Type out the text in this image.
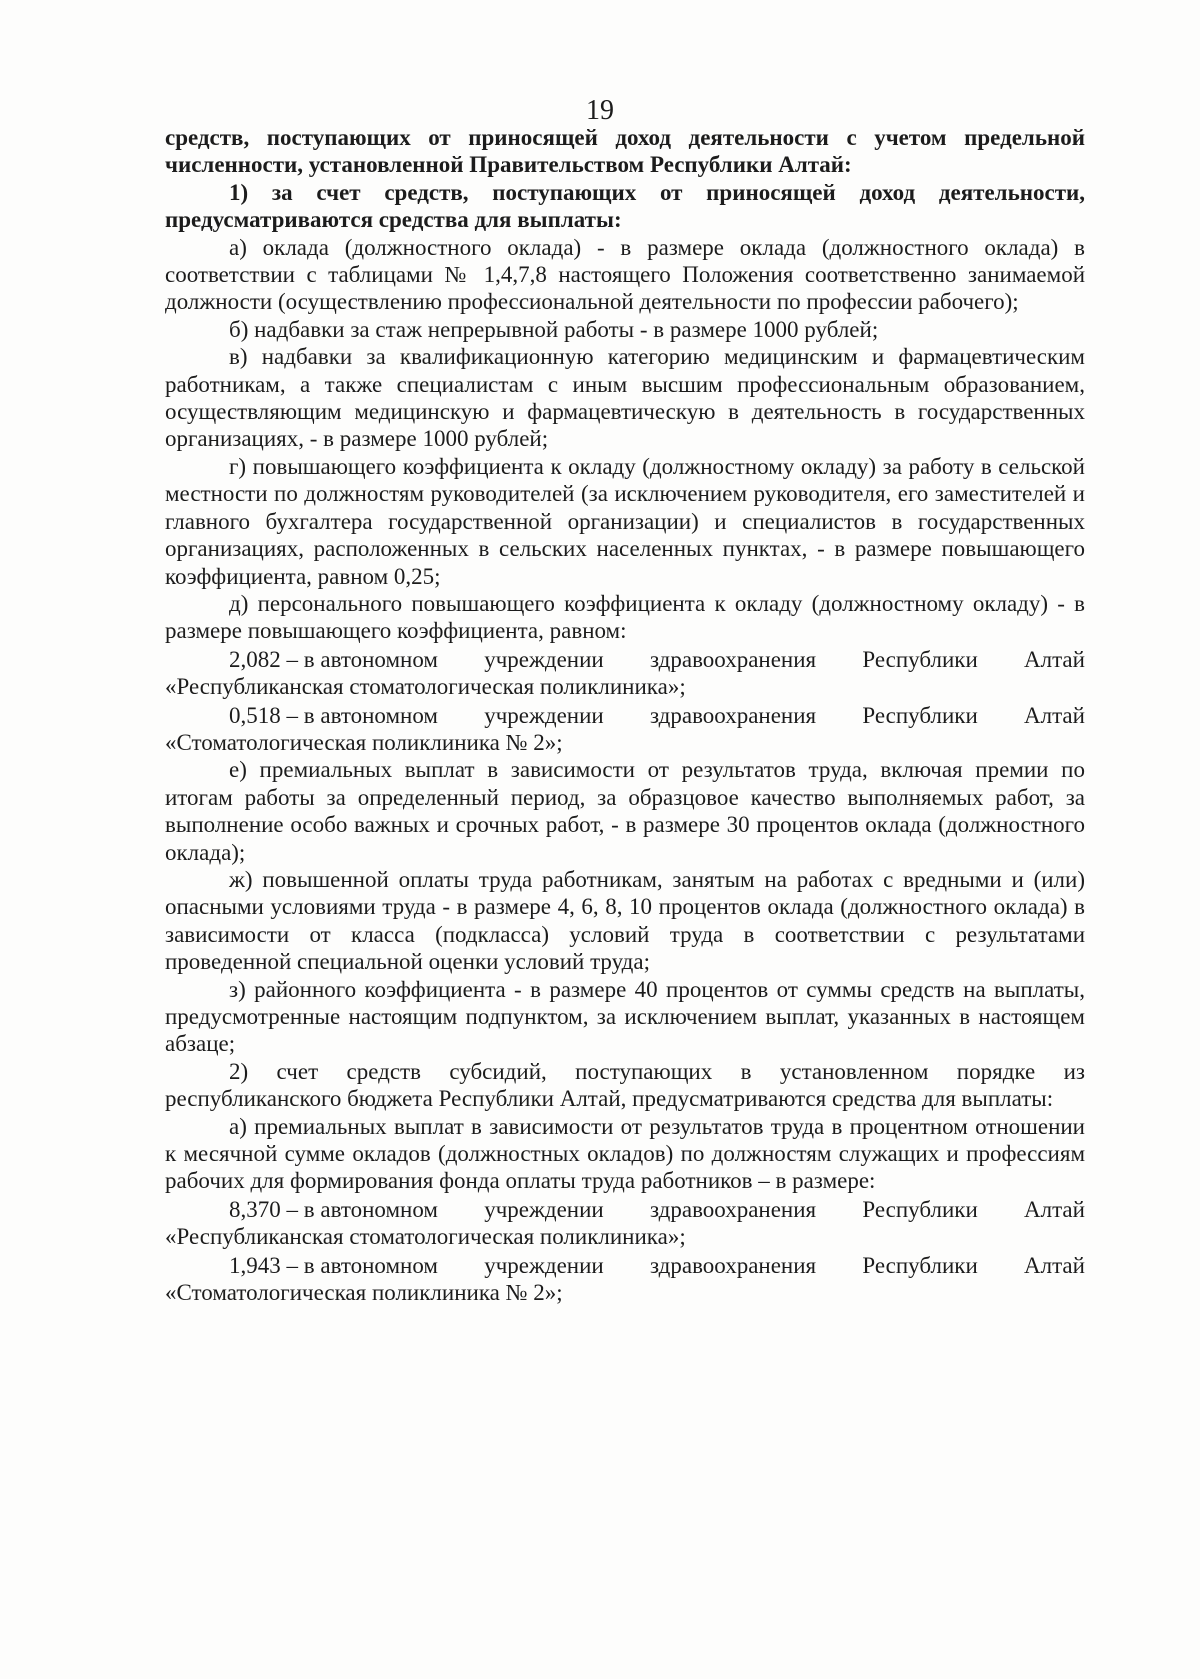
19

средств, поступающих от приносящей доход деятельности с учетом предельной численности, установленной Правительством Республики Алтай:

1) за счет средств, поступающих от приносящей доход деятельности, предусматриваются средства для выплаты:

а) оклада (должностного оклада) - в размере оклада (должностного оклада) в соответствии с таблицами № 1,4,7,8 настоящего Положения соответственно занимаемой должности (осуществлению профессиональной деятельности по профессии рабочего);

б) надбавки за стаж непрерывной работы - в размере 1000 рублей;

в) надбавки за квалификационную категорию медицинским и фармацевтическим работникам, а также специалистам с иным высшим профессиональным образованием, осуществляющим медицинскую и фармацевтическую в деятельность в государственных организациях, - в размере 1000 рублей;

г) повышающего коэффициента к окладу (должностному окладу) за работу в сельской местности по должностям руководителей (за исключением руководителя, его заместителей и главного бухгалтера государственной организации) и специалистов в государственных организациях, расположенных в сельских населенных пунктах, - в размере повышающего коэффициента, равном 0,25;

д) персонального повышающего коэффициента к окладу (должностному окладу) - в размере повышающего коэффициента, равном:

2,082 – в автономном учреждении здравоохранения Республики Алтай

«Республиканская стоматологическая поликлиника»;

0,518 – в автономном учреждении здравоохранения Республики Алтай

«Стоматологическая поликлиника № 2»;

е) премиальных выплат в зависимости от результатов труда, включая премии по итогам работы за определенный период, за образцовое качество выполняемых работ, за выполнение особо важных и срочных работ, - в размере 30 процентов оклада (должностного оклада);

ж) повышенной оплаты труда работникам, занятым на работах с вредными и (или) опасными условиями труда - в размере 4, 6, 8, 10 процентов оклада (должностного оклада) в зависимости от класса (подкласса) условий труда в соответствии с результатами проведенной специальной оценки условий труда;

з) районного коэффициента - в размере 40 процентов от суммы средств на выплаты, предусмотренные настоящим подпунктом, за исключением выплат, указанных в настоящем абзаце;

2) счет средств субсидий, поступающих в установленном порядке из республиканского бюджета Республики Алтай, предусматриваются средства для выплаты:

а) премиальных выплат в зависимости от результатов труда в процентном отношении к месячной сумме окладов (должностных окладов) по должностям служащих и профессиям рабочих для формирования фонда оплаты труда работников – в размере:

8,370 – в автономном учреждении здравоохранения Республики Алтай

«Республиканская стоматологическая поликлиника»;

1,943 – в автономном учреждении здравоохранения Республики Алтай

«Стоматологическая поликлиника № 2»;
